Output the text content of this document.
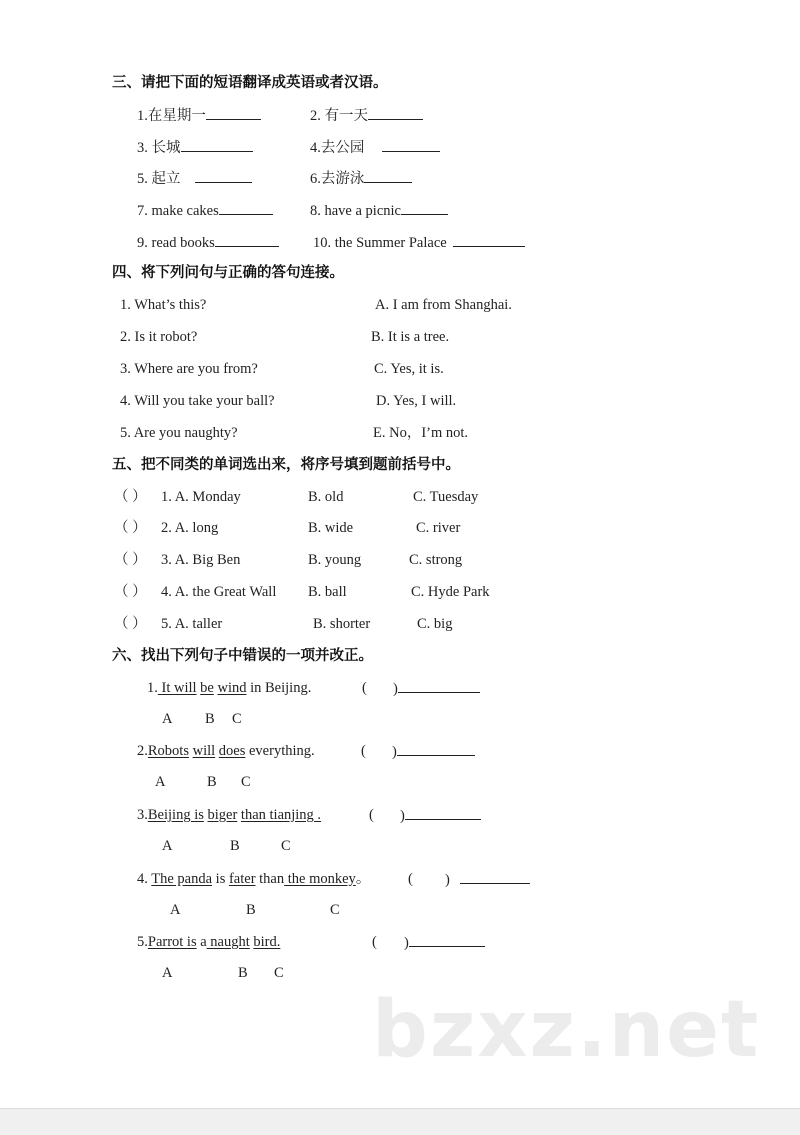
三、请把下面的短语翻译成英语或者汉语。
1.在星期一	2. 有一天
3. 长城	4.去公园
5. 起立	6.去游泳
7. make cakes	8. have a picnic
9. read books	10. the Summer Palace
四、将下列问句与正确的答句连接。
1. What’s this?	A. I am from Shanghai.
2. Is it robot?	B. It is a tree.
3. Where are you from?	C. Yes, it is.
4. Will you take your ball?	D. Yes, I will.
5. Are you naughty?	E. No，I’m not.
五、把不同类的单词选出来，将序号填到题前括号中。
（ ） 1. A. Monday	B. old	C. Tuesday
（ ） 2. A. long	B. wide	C. river
（ ） 3. A. Big Ben	B. young	C. strong
（ ） 4. A. the Great Wall B. ball	C. Hyde Park
（ ） 5. A. taller	B. shorter	C. big
六、找出下列句子中错误的一项并改正。
1. It will be wind in Beijing.	( )
A B C
2.Robots will does everything.	( )
A	B C
3.Beijing is biger than tianjing .	( )
A	B	C
4. The panda is fater than the monkey。	( )
A	B	C
5.Parrot is a naught bird.	( )
A	B C
bzxz.net
